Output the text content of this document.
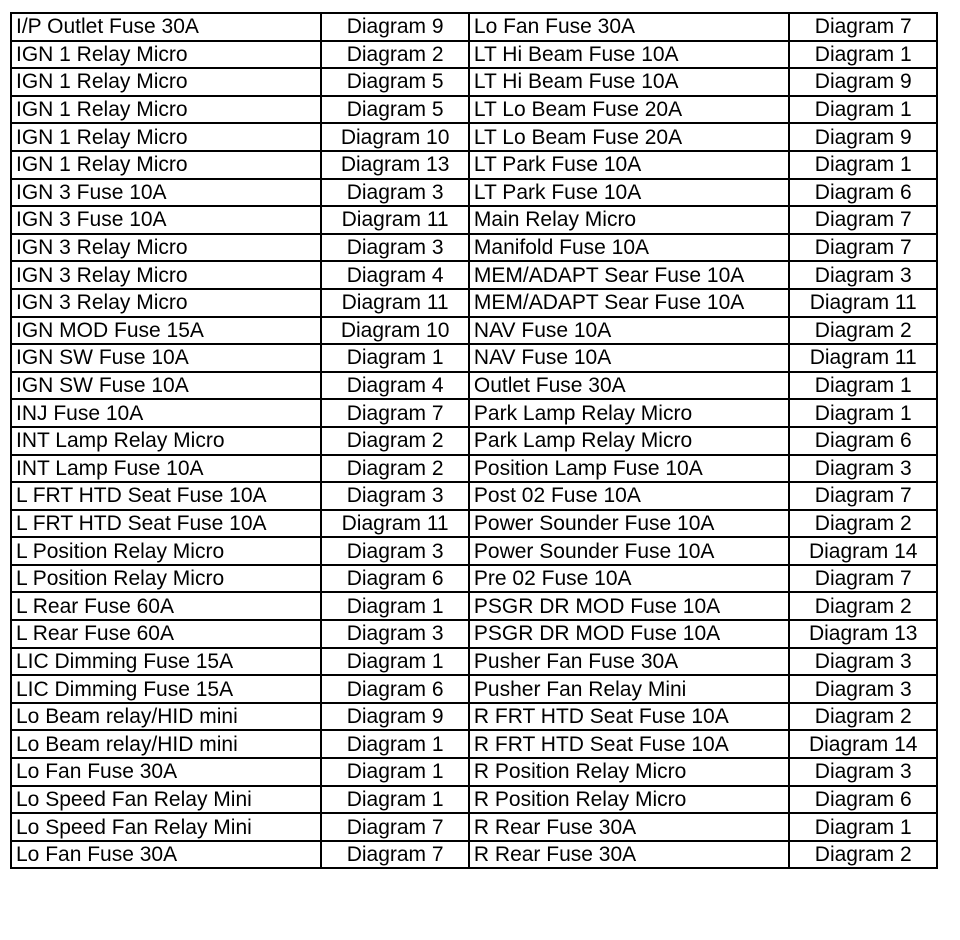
I/P Outlet Fuse 30A	Diagram 9	Lo Fan Fuse 30A	Diagram 7
IGN 1 Relay Micro	Diagram 2	LT Hi Beam Fuse 10A	Diagram 1
IGN 1 Relay Micro	Diagram 5	LT Hi Beam Fuse 10A	Diagram 9
IGN 1 Relay Micro	Diagram 5	LT Lo Beam Fuse 20A	Diagram 1
IGN 1 Relay Micro	Diagram 10	LT Lo Beam Fuse 20A	Diagram 9
IGN 1 Relay Micro	Diagram 13	LT Park Fuse 10A	Diagram 1
IGN 3 Fuse 10A	Diagram 3	LT Park Fuse 10A	Diagram 6
IGN 3 Fuse 10A	Diagram 11	Main Relay Micro	Diagram 7
IGN 3 Relay Micro	Diagram 3	Manifold Fuse 10A	Diagram 7
IGN 3 Relay Micro	Diagram 4	MEM/ADAPT Sear Fuse 10A	Diagram 3
IGN 3 Relay Micro	Diagram 11	MEM/ADAPT Sear Fuse 10A	Diagram 11
IGN MOD Fuse 15A	Diagram 10	NAV Fuse 10A	Diagram 2
IGN SW Fuse 10A	Diagram 1	NAV Fuse 10A	Diagram 11
IGN SW Fuse 10A	Diagram 4	Outlet Fuse 30A	Diagram 1
INJ Fuse 10A	Diagram 7	Park Lamp Relay Micro	Diagram 1
INT Lamp Relay Micro	Diagram 2	Park Lamp Relay Micro	Diagram 6
INT Lamp Fuse 10A	Diagram 2	Position Lamp Fuse 10A	Diagram 3
L FRT HTD Seat Fuse 10A	Diagram 3	Post 02 Fuse 10A	Diagram 7
L FRT HTD Seat Fuse 10A	Diagram 11	Power Sounder Fuse 10A	Diagram 2
L Position Relay Micro	Diagram 3	Power Sounder Fuse 10A	Diagram 14
L Position Relay Micro	Diagram 6	Pre 02 Fuse 10A	Diagram 7
L Rear Fuse 60A	Diagram 1	PSGR DR MOD Fuse 10A	Diagram 2
L Rear Fuse 60A	Diagram 3	PSGR DR MOD Fuse 10A	Diagram 13
LIC Dimming Fuse 15A	Diagram 1	Pusher Fan Fuse 30A	Diagram 3
LIC Dimming Fuse 15A	Diagram 6	Pusher Fan Relay Mini	Diagram 3
Lo Beam relay/HID mini	Diagram 9	R FRT HTD Seat Fuse 10A	Diagram 2
Lo Beam relay/HID mini	Diagram 1	R FRT HTD Seat Fuse 10A	Diagram 14
Lo Fan Fuse 30A	Diagram 1	R Position Relay Micro	Diagram 3
Lo Speed Fan Relay Mini	Diagram 1	R Position Relay Micro	Diagram 6
Lo Speed Fan Relay Mini	Diagram 7	R Rear Fuse 30A	Diagram 1
Lo Fan Fuse 30A	Diagram 7	R Rear Fuse 30A	Diagram 2
